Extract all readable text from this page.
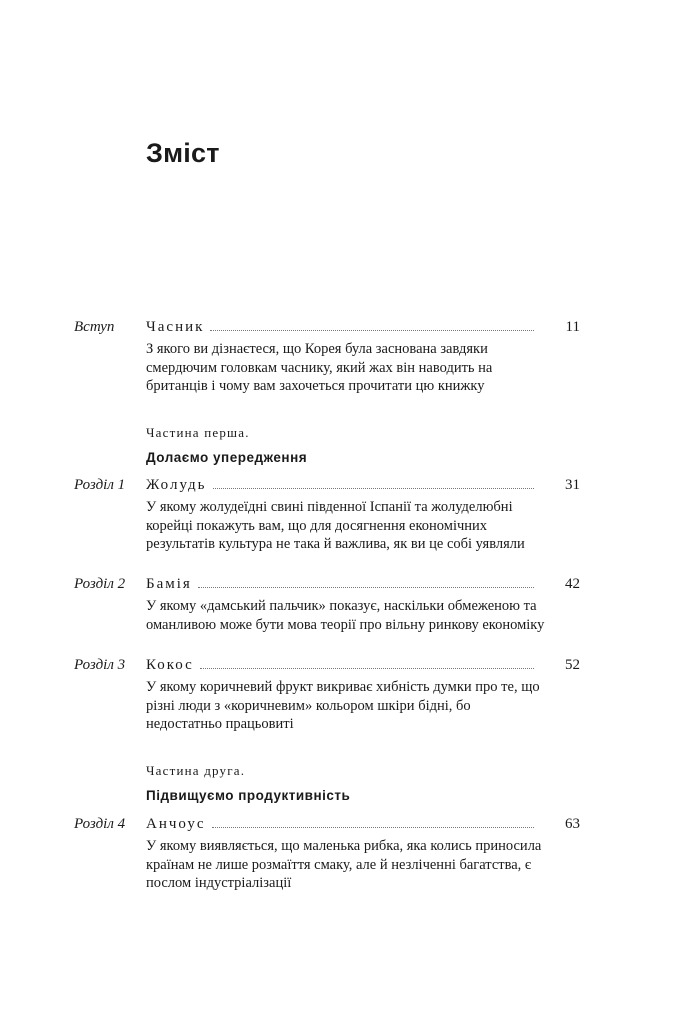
Зміст
Вступ Часник	11
З якого ви дізнаєтеся, що Корея була заснована завдяки смердючим головкам часнику, який жах він наводить на британців і чому вам захочеться прочитати цю книжку
Частина перша.
Долаємо упередження
Розділ 1 Жолудь	31
У якому жолудеїдні свині південної Іспанії та жолуделюбні корейці покажуть вам, що для досягнення економічних результатів культура не така й важлива, як ви це собі уявляли
Розділ 2 Бамія	42
У якому «дамський пальчик» показує, наскільки обмеженою та оманливою може бути мова теорії про вільну ринкову економіку
Розділ 3 Кокос	52
У якому коричневий фрукт викриває хибність думки про те, що різні люди з «коричневим» кольором шкіри бідні, бо недостатньо працьовиті
Частина друга.
Підвищуємо продуктивність
Розділ 4 Анчоус	63
У якому виявляється, що маленька рибка, яка колись приносила країнам не лише розмаїття смаку, але й незліченні багатства, є послом індустріалізації
